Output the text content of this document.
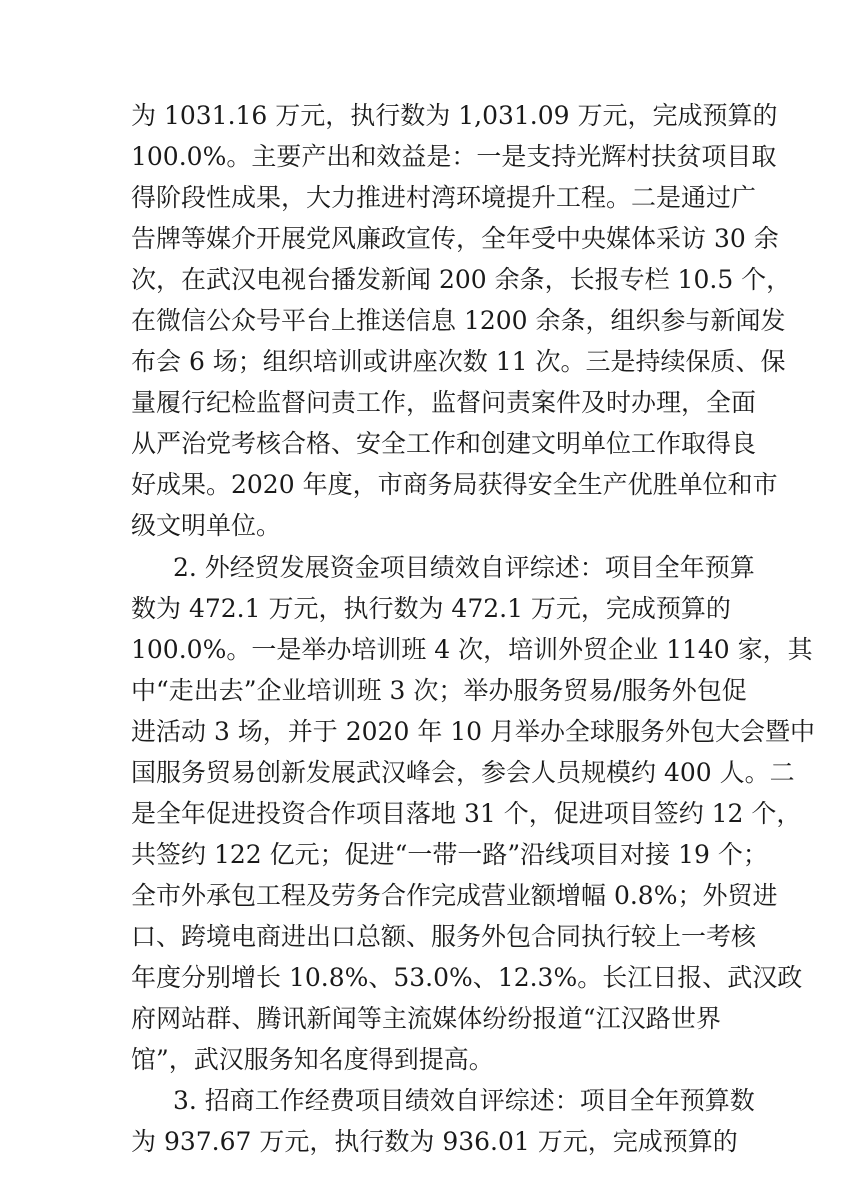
为 1031.16 万元，执行数为 1,031.09 万元，完成预算的
100.0%。主要产出和效益是：一是支持光辉村扶贫项目取
得阶段性成果，大力推进村湾环境提升工程。二是通过广
告牌等媒介开展党风廉政宣传，全年受中央媒体采访 30 余
次，在武汉电视台播发新闻 200 余条，长报专栏 10.5 个，
在微信公众号平台上推送信息 1200 余条，组织参与新闻发
布会 6 场；组织培训或讲座次数 11 次。三是持续保质、保
量履行纪检监督问责工作，监督问责案件及时办理，全面
从严治党考核合格、安全工作和创建文明单位工作取得良
好成果。2020 年度，市商务局获得安全生产优胜单位和市
级文明单位。
2. 外经贸发展资金项目绩效自评综述：项目全年预算
数为 472.1 万元，执行数为 472.1 万元，完成预算的
100.0%。一是举办培训班 4 次，培训外贸企业 1140 家，其
中“走出去”企业培训班 3 次；举办服务贸易/服务外包促
进活动 3 场，并于 2020 年 10 月举办全球服务外包大会暨中
国服务贸易创新发展武汉峰会，参会人员规模约 400 人。二
是全年促进投资合作项目落地 31 个，促进项目签约 12 个，
共签约 122 亿元；促进“一带一路”沿线项目对接 19 个；
全市外承包工程及劳务合作完成营业额增幅 0.8%；外贸进
口、跨境电商进出口总额、服务外包合同执行较上一考核
年度分别增长 10.8%、53.0%、12.3%。长江日报、武汉政
府网站群、腾讯新闻等主流媒体纷纷报道“江汉路世界
馆”，武汉服务知名度得到提高。
3. 招商工作经费项目绩效自评综述：项目全年预算数
为 937.67 万元，执行数为 936.01 万元，完成预算的
